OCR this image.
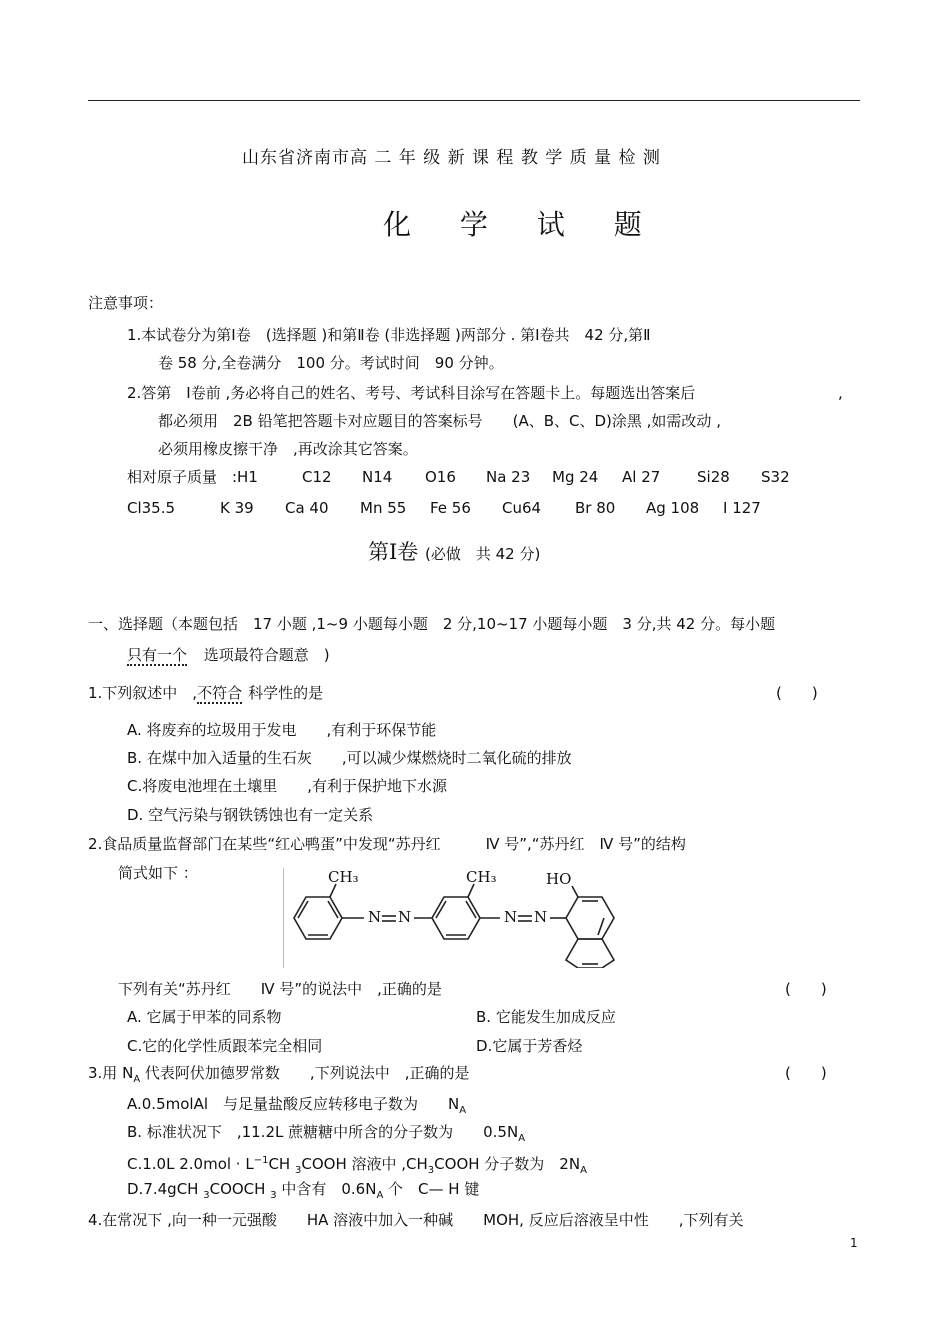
山东省济南市高 二 年 级 新 课 程 教 学 质 量 检 测
化 学 试 题
注意事项：
1.本试卷分为第Ⅰ卷　(选择题 )和第Ⅱ卷 (非选择题 )两部分 . 第Ⅰ卷共　42 分,第Ⅱ
卷 58 分,全卷满分　100 分。考试时间　90 分钟。
2.答第　Ⅰ卷前 ,务必将自己的姓名、考号、考试科目涂写在答题卡上。每题选出答案后	,
都必须用　2B 铅笔把答题卡对应题目的答案标号　　(A、B、C、D)涂黑 ,如需改动 ,
必须用橡皮擦干净　,再改涂其它答案。
相对原子质量　:H1	C12 N14 O16 Na 23 Mg 24 Al 27 Si28 S32
Cl35.5	K 39 Ca 40 Mn 55 Fe 56 Cu64 Br 80 Ag 108 I 127
第Ⅰ卷 (必做　共 42 分)
一、选择题（本题包括　17 小题 ,1~9 小题每小题　2 分,10~17 小题每小题　3 分,共 42 分。每小题
只有一个 选项最符合题意　)
1.下列叙述中　,不符合 科学性的是	(　　)
A. 将废弃的垃圾用于发电　　,有利于环保节能
B. 在煤中加入适量的生石灰　　,可以减少煤燃烧时二氧化硫的排放
C.将废电池埋在土壤里　　,有利于保护地下水源
D. 空气污染与钢铁锈蚀也有一定关系
2.食品质量监督部门在某些“红心鸭蛋”中发现“苏丹红　　　Ⅳ 号”,“苏丹红　Ⅳ 号”的结构
简式如下 ：	CH₃	CH₃	HO
N N	N N
下列有关“苏丹红　　Ⅳ 号”的说法中　,正确的是	(　　)
A. 它属于甲苯的同系物	B. 它能发生加成反应
C.它的化学性质跟苯完全相同	D.它属于芳香烃
3.用 $N_A$ 代表阿伏加德罗常数　　,下列说法中　,正确的是	(　　)
A.0.5molAl　与足量盐酸反应转移电子数为　　$N_A$
B. 标准状况下　,11.2L 蔗糖糖中所含的分子数为　　$0.5N_A$
C.1.0L $2.0mol \cdot L^{-1}CH$ $_3$COOH 溶液中 $,CH_3COOH$ 分子数为　$2N_A$
D.7.4gCH $_3$COOCH $_3$ 中含有　$0.6N_A$ 个　C— H 键
4.在常况下 ,向一种一元强酸　　HA 溶液中加入一种碱　　MOH, 反应后溶液呈中性　　,下列有关
1
